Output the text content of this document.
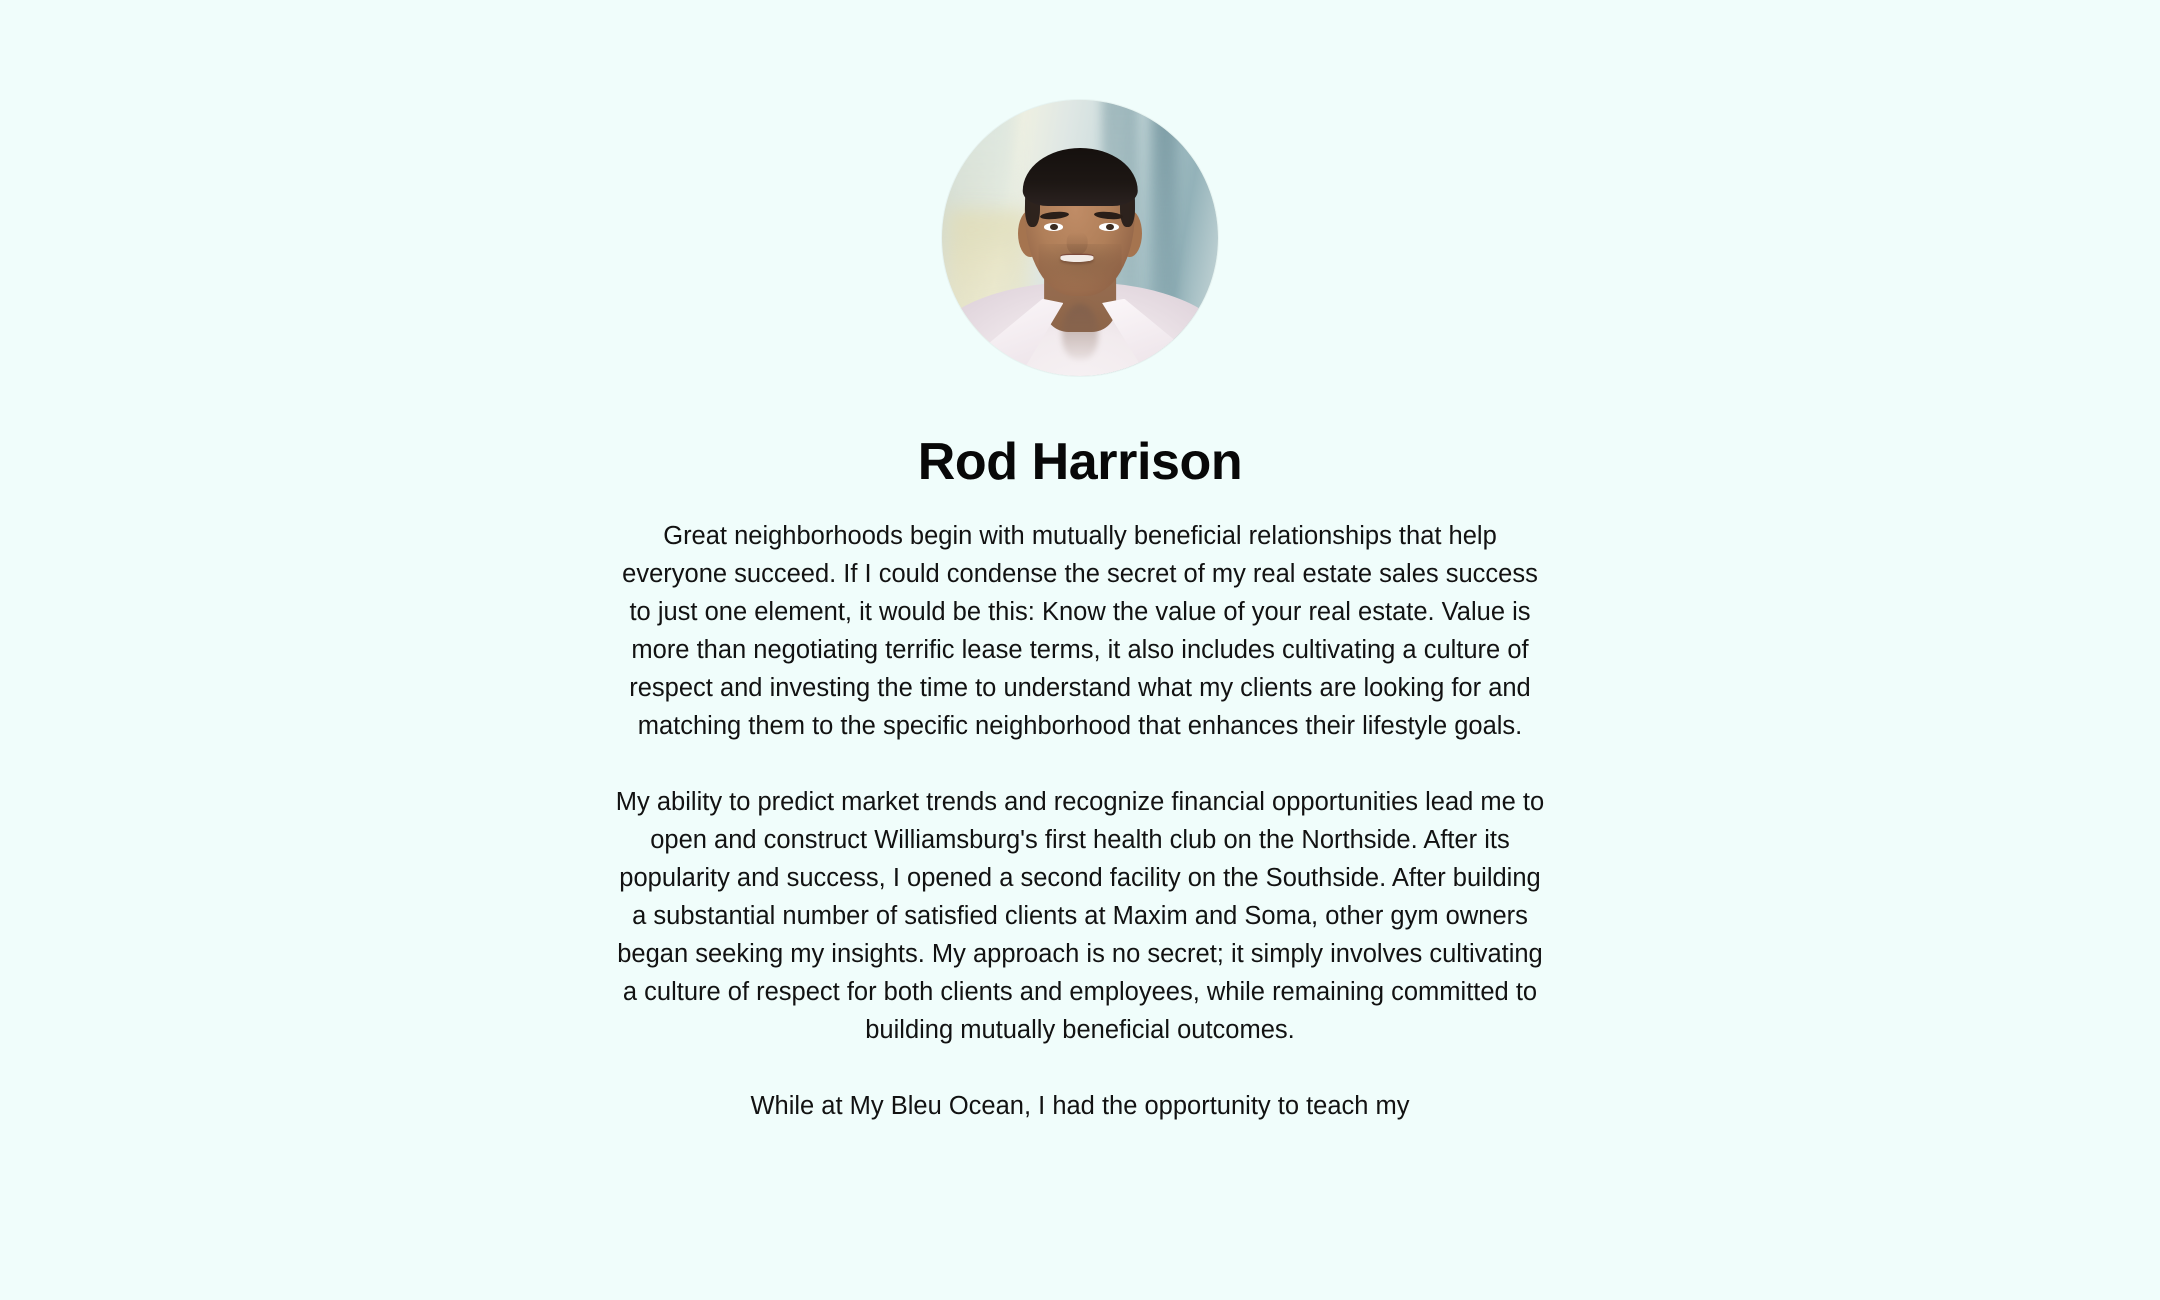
Rod Harrison

Great neighborhoods begin with mutually beneficial relationships that help everyone succeed. If I could condense the secret of my real estate sales success to just one element, it would be this: Know the value of your real estate. Value is more than negotiating terrific lease terms, it also includes cultivating a culture of respect and investing the time to understand what my clients are looking for and matching them to the specific neighborhood that enhances their lifestyle goals.

My ability to predict market trends and recognize financial opportunities lead me to open and construct Williamsburg's first health club on the Northside. After its popularity and success, I opened a second facility on the Southside. After building a substantial number of satisfied clients at Maxim and Soma, other gym owners began seeking my insights. My approach is no secret; it simply involves cultivating a culture of respect for both clients and employees, while remaining committed to building mutually beneficial outcomes.

While at My Bleu Ocean, I had the opportunity to teach my
